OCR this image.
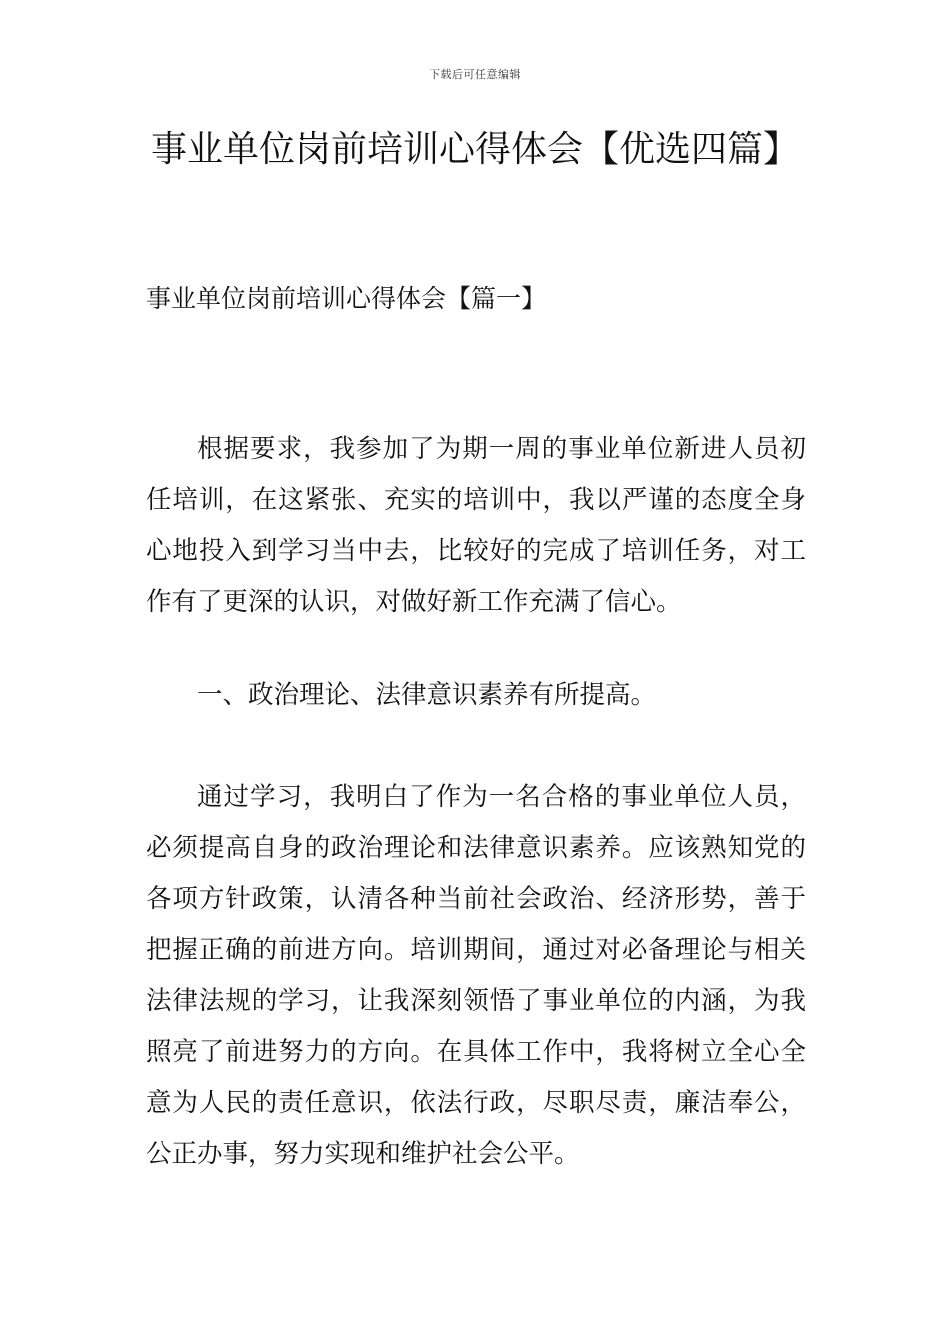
下载后可任意编辑
事业单位岗前培训心得体会【优选四篇】
事业单位岗前培训心得体会【篇一】

根据要求，我参加了为期一周的事业单位新进人员初任培训，在这紧张、充实的培训中，我以严谨的态度全身心地投入到学习当中去，比较好的完成了培训任务，对工作有了更深的认识，对做好新工作充满了信心。

一、政治理论、法律意识素养有所提高。

通过学习，我明白了作为一名合格的事业单位人员，必须提高自身的政治理论和法律意识素养。应该熟知党的各项方针政策，认清各种当前社会政治、经济形势，善于把握正确的前进方向。培训期间，通过对必备理论与相关法律法规的学习，让我深刻领悟了事业单位的内涵，为我照亮了前进努力的方向。在具体工作中，我将树立全心全意为人民的责任意识，依法行政，尽职尽责，廉洁奉公，公正办事，努力实现和维护社会公平。
